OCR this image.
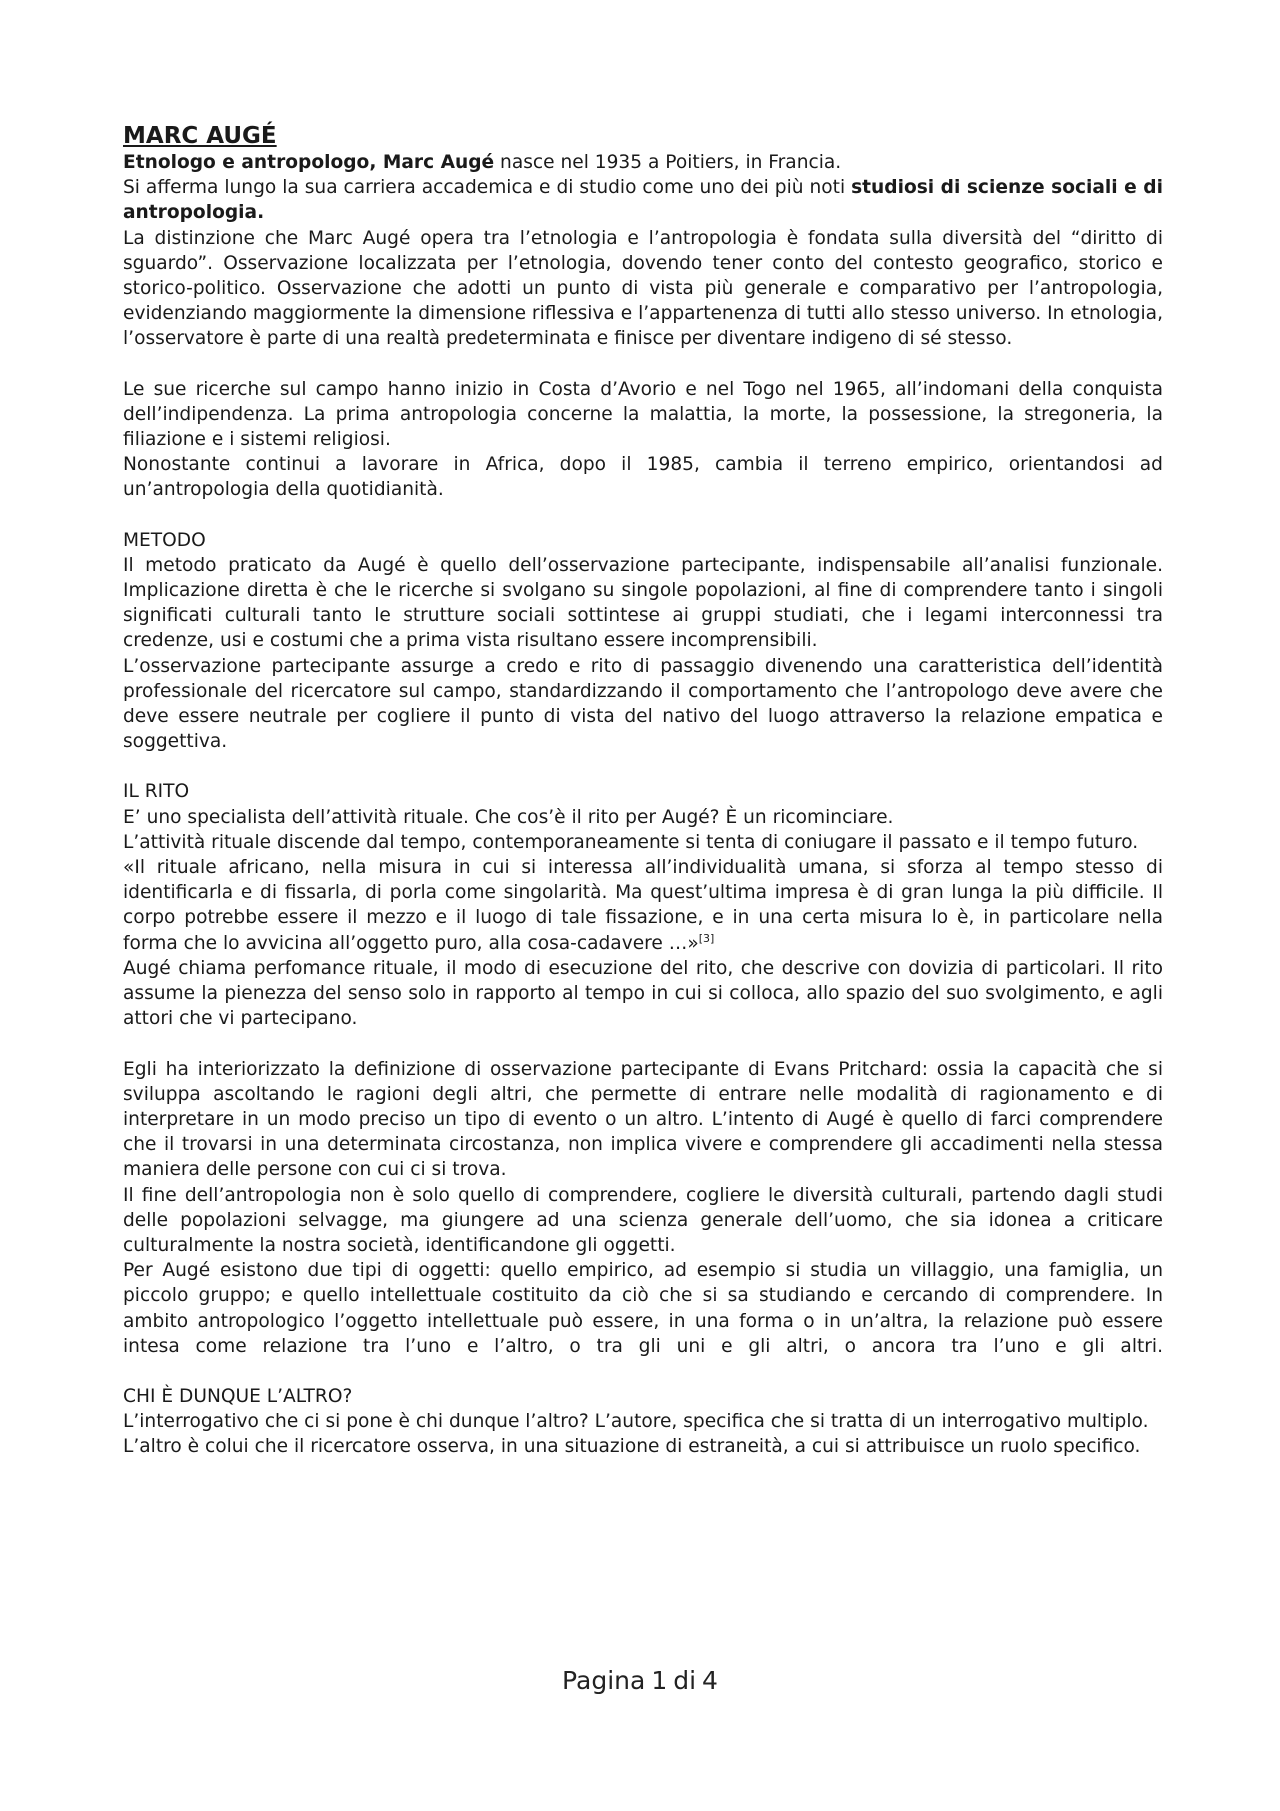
MARC AUGÉ

Etnologo e antropologo, Marc Augé nasce nel 1935 a Poitiers, in Francia.

Si afferma lungo la sua carriera accademica e di studio come uno dei più noti studiosi di scienze sociali e di antropologia.

La distinzione che Marc Augé opera tra l’etnologia e l’antropologia è fondata sulla diversità del “diritto di sguardo”. Osservazione localizzata per l’etnologia, dovendo tener conto del contesto geografico, storico e storico-politico. Osservazione che adotti un punto di vista più generale e comparativo per l’antropologia, evidenziando maggiormente la dimensione riflessiva e l’appartenenza di tutti allo stesso universo. In etnologia, l’osservatore è parte di una realtà predeterminata e finisce per diventare indigeno di sé stesso.

Le sue ricerche sul campo hanno inizio in Costa d’Avorio e nel Togo nel 1965, all’indomani della conquista dell’indipendenza. La prima antropologia concerne la malattia, la morte, la possessione, la stregoneria, la filiazione e i sistemi religiosi.

Nonostante continui a lavorare in Africa, dopo il 1985, cambia il terreno empirico, orientandosi ad un’antropologia della quotidianità.

METODO

Il metodo praticato da Augé è quello dell’osservazione partecipante, indispensabile all’analisi funzionale. Implicazione diretta è che le ricerche si svolgano su singole popolazioni, al fine di comprendere tanto i singoli significati culturali tanto le strutture sociali sottintese ai gruppi studiati, che i legami interconnessi tra credenze, usi e costumi che a prima vista risultano essere incomprensibili.

L’osservazione partecipante assurge a credo e rito di passaggio divenendo una caratteristica dell’identità professionale del ricercatore sul campo, standardizzando il comportamento che l’antropologo deve avere che deve essere neutrale per cogliere il punto di vista del nativo del luogo attraverso la relazione empatica e soggettiva.

IL RITO

E’ uno specialista dell’attività rituale. Che cos’è il rito per Augé? È un ricominciare.

L’attività rituale discende dal tempo, contemporaneamente si tenta di coniugare il passato e il tempo futuro.

«Il rituale africano, nella misura in cui si interessa all’individualità umana, si sforza al tempo stesso di identificarla e di fissarla, di porla come singolarità. Ma quest’ultima impresa è di gran lunga la più difficile. Il corpo potrebbe essere il mezzo e il luogo di tale fissazione, e in una certa misura lo è, in particolare nella forma che lo avvicina all’oggetto puro, alla cosa-cadavere …»[3]

Augé chiama perfomance rituale, il modo di esecuzione del rito, che descrive con dovizia di particolari. Il rito assume la pienezza del senso solo in rapporto al tempo in cui si colloca, allo spazio del suo svolgimento, e agli attori che vi partecipano.

Egli ha interiorizzato la definizione di osservazione partecipante di Evans Pritchard: ossia la capacità che si sviluppa ascoltando le ragioni degli altri, che permette di entrare nelle modalità di ragionamento e di interpretare in un modo preciso un tipo di evento o un altro. L’intento di Augé è quello di farci comprendere che il trovarsi in una determinata circostanza, non implica vivere e comprendere gli accadimenti nella stessa maniera delle persone con cui ci si trova.

Il fine dell’antropologia non è solo quello di comprendere, cogliere le diversità culturali, partendo dagli studi delle popolazioni selvagge, ma giungere ad una scienza generale dell’uomo, che sia idonea a criticare culturalmente la nostra società, identificandone gli oggetti.

Per Augé esistono due tipi di oggetti: quello empirico, ad esempio si studia un villaggio, una famiglia, un piccolo gruppo; e quello intellettuale costituito da ciò che si sa studiando e cercando di comprendere. In ambito antropologico l’oggetto intellettuale può essere, in una forma o in un’altra, la relazione può essere intesa come relazione tra l’uno e l’altro, o tra gli uni e gli altri, o ancora tra l’uno e gli altri.

CHI È DUNQUE L’ALTRO?

L’interrogativo che ci si pone è chi dunque l’altro? L’autore, specifica che si tratta di un interrogativo multiplo.

L’altro è colui che il ricercatore osserva, in una situazione di estraneità, a cui si attribuisce un ruolo specifico.

Pagina 1 di 4
